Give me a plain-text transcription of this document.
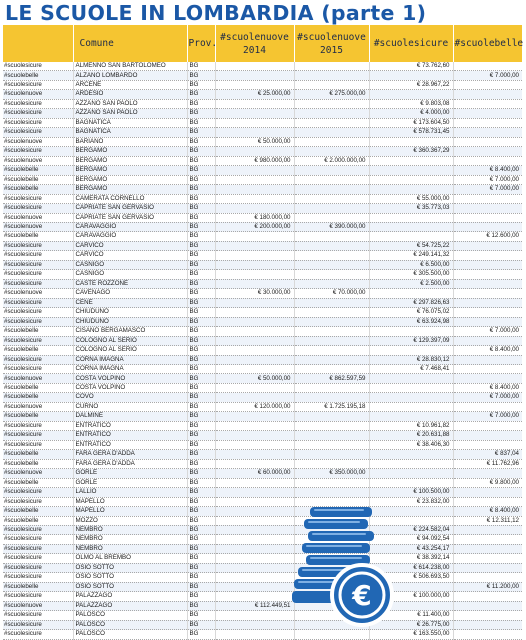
LE SCUOLE IN LOMBARDIA (parte 1)
	Comune	Prov.	#scuolenuove 2014	#scuolenuove 2015	#scuolesicure	#scuolebelle
#scuolesicure	ALMENNO SAN BARTOLOMEO	BG			€ 73.762,60	
#scuolebelle	ALZANO LOMBARDO	BG				€ 7.000,00
#scuolesicure	ARCENE	BG			€ 28.967,22	
#scuolenuove	ARDESIO	BG	€ 25.000,00	€ 275.000,00		
#scuolesicure	AZZANO SAN PAOLO	BG			€ 9.803,08	
#scuolesicure	AZZANO SAN PAOLO	BG			€ 4.000,00	
#scuolesicure	BAGNATICA	BG			€ 173.604,50	
#scuolesicure	BAGNATICA	BG			€ 578.731,45	
#scuolenuove	BARIANO	BG	€ 50.000,00			
#scuolesicure	BERGAMO	BG			€ 360.367,29	
#scuolenuove	BERGAMO	BG	€ 980.000,00	€ 2.000.000,00		
#scuolebelle	BERGAMO	BG				€ 8.400,00
#scuolebelle	BERGAMO	BG				€ 7.000,00
#scuolebelle	BERGAMO	BG				€ 7.000,00
#scuolesicure	CAMERATA CORNELLO	BG			€ 55.000,00	
#scuolesicure	CAPRIATE SAN GERVASIO	BG			€ 35.773,03	
#scuolenuove	CAPRIATE SAN GERVASIO	BG	€ 180.000,00			
#scuolenuove	CARAVAGGIO	BG	€ 200.000,00	€ 390.000,00		
#scuolebelle	CARAVAGGIO	BG				€ 12.600,00
#scuolesicure	CARVICO	BG			€ 54.725,22	
#scuolesicure	CARVICO	BG			€ 249.141,32	
#scuolesicure	CASNIGO	BG			€ 6.500,00	
#scuolesicure	CASNIGO	BG			€ 305.500,00	
#scuolesicure	CASTE ROZZONE	BG			€ 2.500,00	
#scuolenuove	CAVENAGO	BG	€ 30.000,00	€ 70.000,00		
#scuolesicure	CENE	BG			€ 297.826,63	
#scuolesicure	CHIUDUNO	BG			€ 76.075,02	
#scuolesicure	CHIUDUNO	BG			€ 63.924,98	
#scuolebelle	CISANO BERGAMASCO	BG				€ 7.000,00
#scuolesicure	COLOGNO AL SERIO	BG			€ 129.397,09	
#scuolebelle	COLOGNO AL SERIO	BG				€ 8.400,00
#scuolesicure	CORNA IMAGNA	BG			€ 28.830,12	
#scuolesicure	CORNA IMAGNA	BG			€ 7.468,41	
#scuolenuove	COSTA VOLPINO	BG	€ 50.000,00	€ 862.597,59		
#scuolebelle	COSTA VOLPINO	BG				€ 8.400,00
#scuolebelle	COVO	BG				€ 7.000,00
#scuolenuove	CURNO	BG	€ 120.000,00	€ 1.725.195,18		
#scuolebelle	DALMINE	BG				€ 7.000,00
#scuolesicure	ENTRATICO	BG			€ 10.961,82	
#scuolesicure	ENTRATICO	BG			€ 20.631,88	
#scuolesicure	ENTRATICO	BG			€ 38.406,30	
#scuolebelle	FARA GERA D'ADDA	BG				€ 837,04
#scuolebelle	FARA GERA D'ADDA	BG				€ 11.762,96
#scuolenuove	GORLE	BG	€ 60.000,00	€ 350.000,00		
#scuolebelle	GORLE	BG				€ 9.800,00
#scuolesicure	LALLIO	BG			€ 100.500,00	
#scuolesicure	MAPELLO	BG			€ 23.832,00	
#scuolebelle	MAPELLO	BG				€ 8.400,00
#scuolebelle	MOZZO	BG				€ 12.311,12
#scuolesicure	NEMBRO	BG			€ 224.582,04	
#scuolesicure	NEMBRO	BG			€ 94.092,54	
#scuolesicure	NEMBRO	BG			€ 43.254,17	
#scuolesicure	OLMO AL BREMBO	BG			€ 38.392,14	
#scuolesicure	OSIO SOTTO	BG			€ 614.238,00	
#scuolesicure	OSIO SOTTO	BG			€ 506.693,50	
#scuolebelle	OSIO SOTTO	BG				€ 11.200,00
#scuolesicure	PALAZZAGO	BG			€ 100.000,00	
#scuolenuove	PALAZZAGO	BG	€ 112.449,51			
#scuolesicure	PALOSCO	BG			€ 11.400,00	
#scuolesicure	PALOSCO	BG			€ 26.775,00	
#scuolesicure	PALOSCO	BG			€ 163.550,00	
€
